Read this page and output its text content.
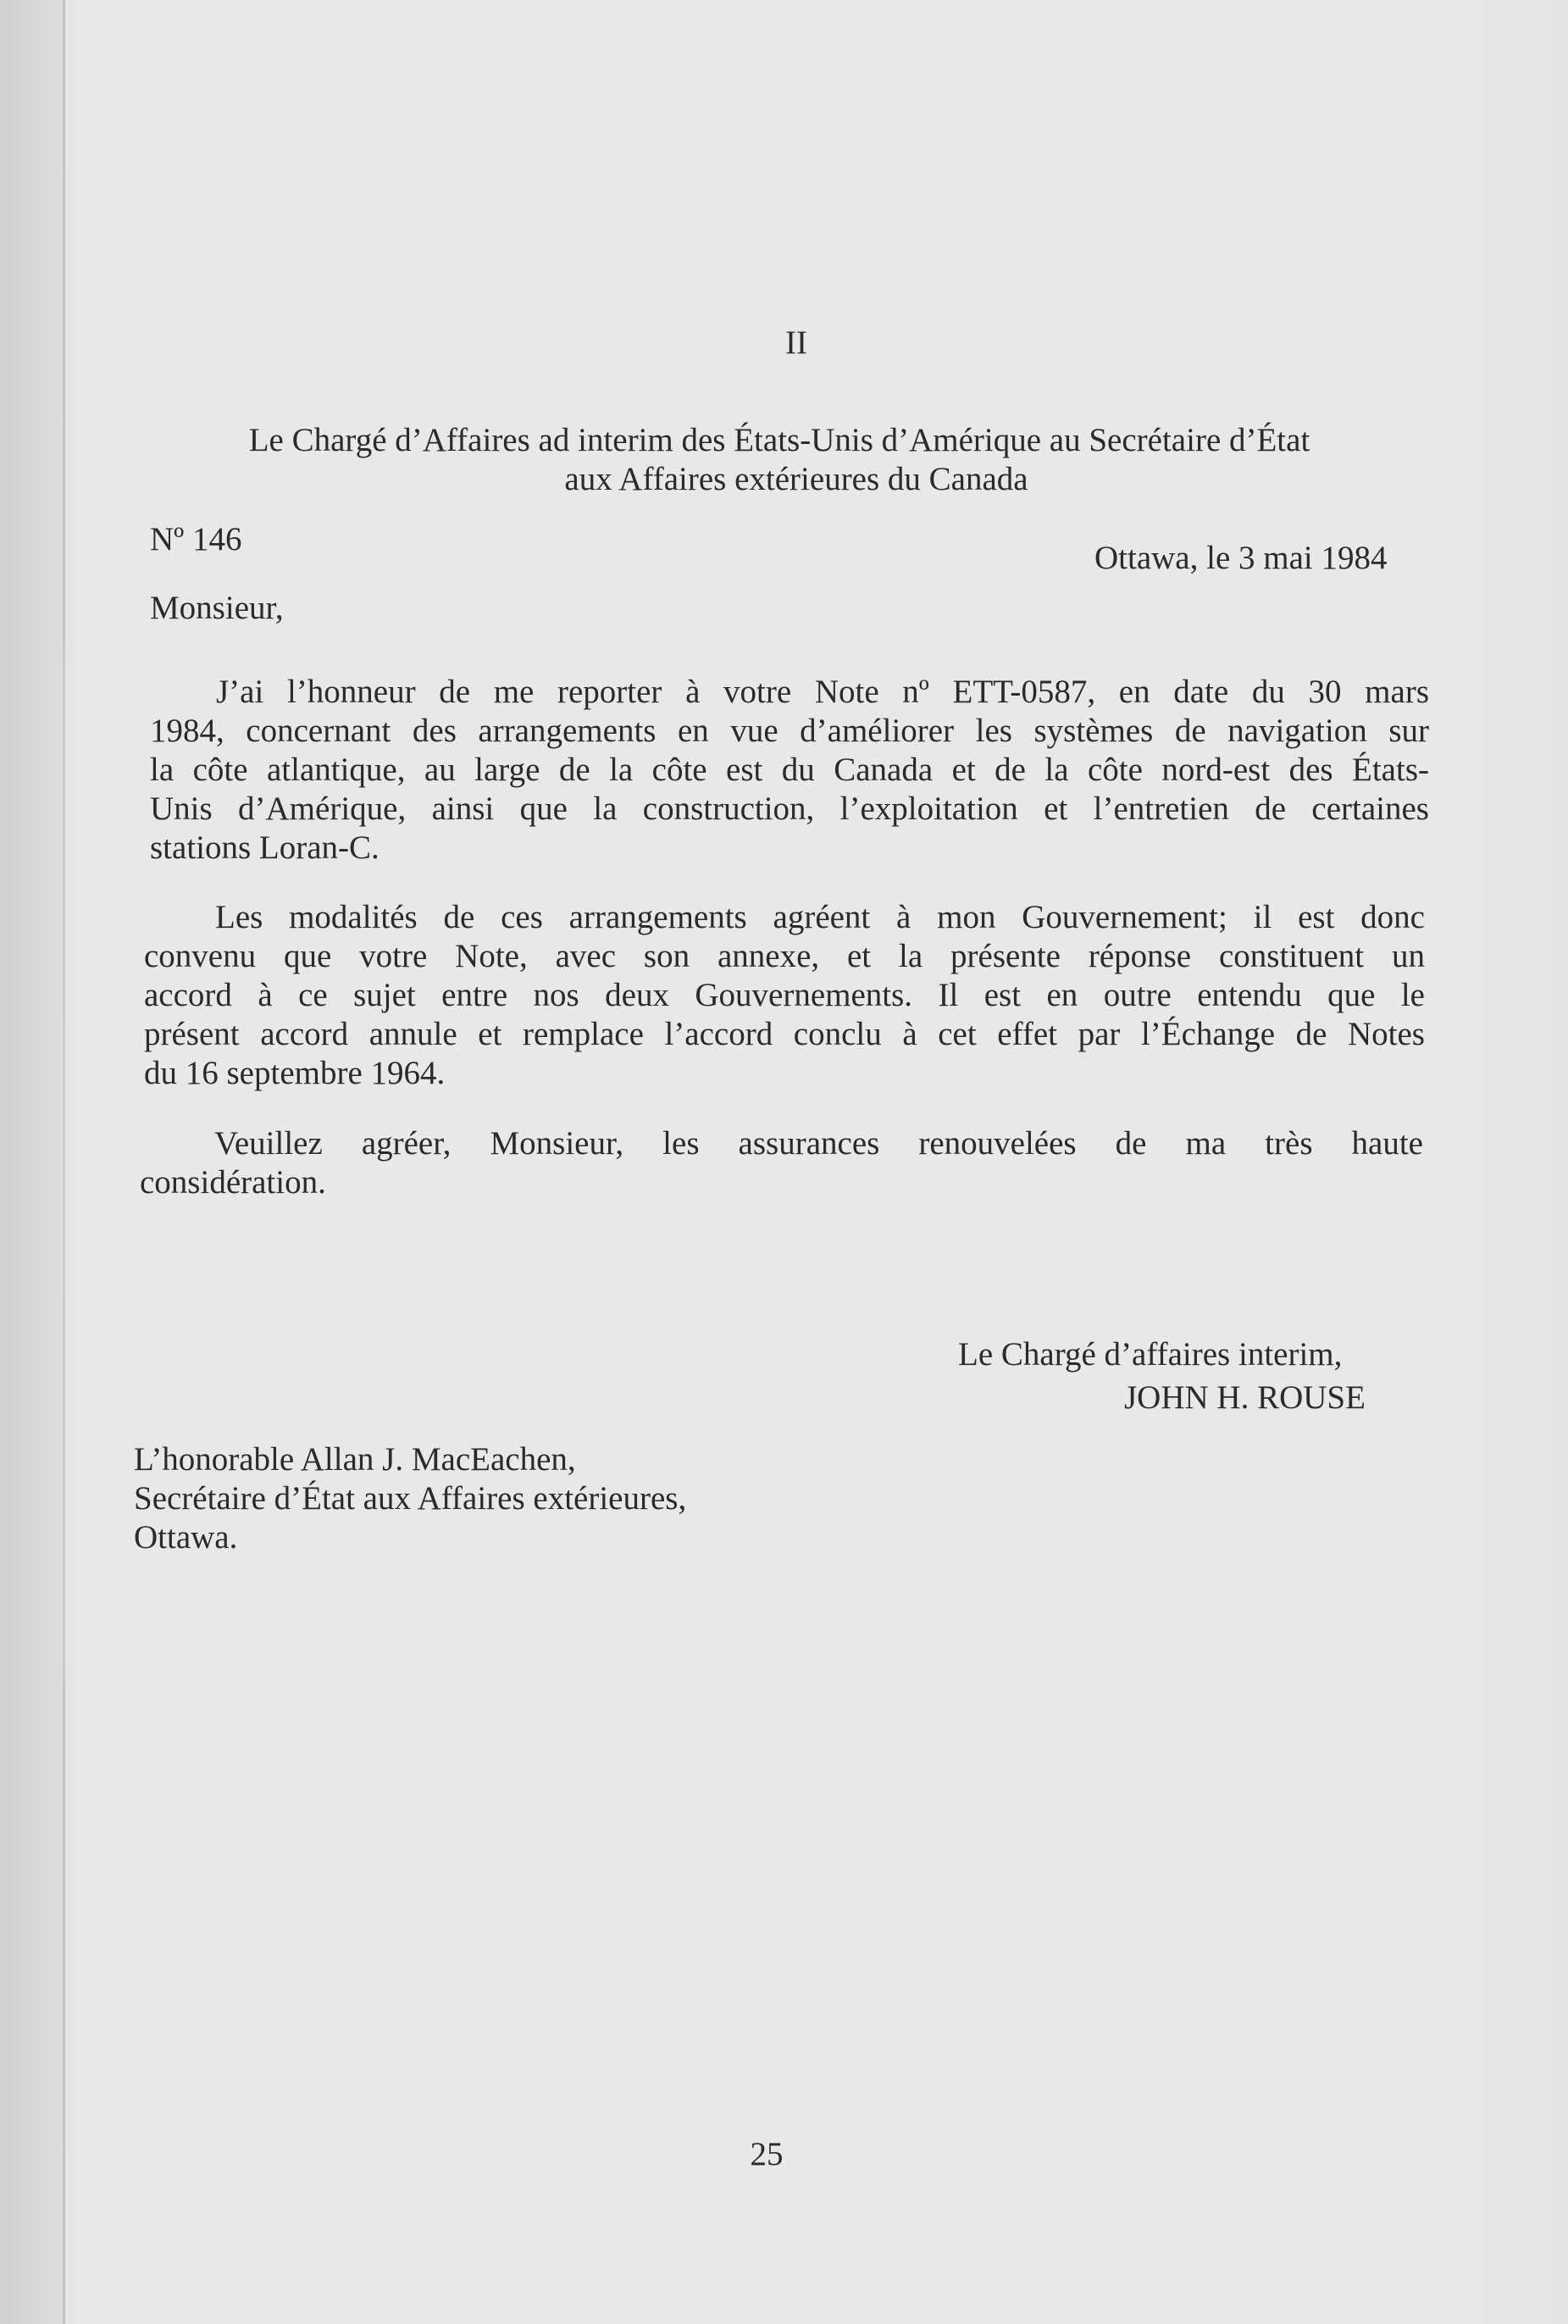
II

Le Chargé d’Affaires ad interim des États-Unis d’Amérique au Secrétaire d’État

aux Affaires extérieures du Canada

Nº 146

Ottawa, le 3 mai 1984

Monsieur,

J’ai l’honneur de me reporter à votre Note nº ETT-0587, en date du 30 mars
1984, concernant des arrangements en vue d’améliorer les systèmes de navigation sur
la côte atlantique, au large de la côte est du Canada et de la côte nord-est des États-
Unis d’Amérique, ainsi que la construction, l’exploitation et l’entretien de certaines
stations Loran-C.
Les modalités de ces arrangements agréent à mon Gouvernement; il est donc
convenu que votre Note, avec son annexe, et la présente réponse constituent un
accord à ce sujet entre nos deux Gouvernements. Il est en outre entendu que le
présent accord annule et remplace l’accord conclu à cet effet par l’Échange de Notes
du 16 septembre 1964.
Veuillez agréer, Monsieur, les assurances renouvelées de ma très haute
considération.

Le Chargé d’affaires interim,

JOHN H. ROUSE

L’honorable Allan J. MacEachen,

Secrétaire d’État aux Affaires extérieures,

Ottawa.

25
